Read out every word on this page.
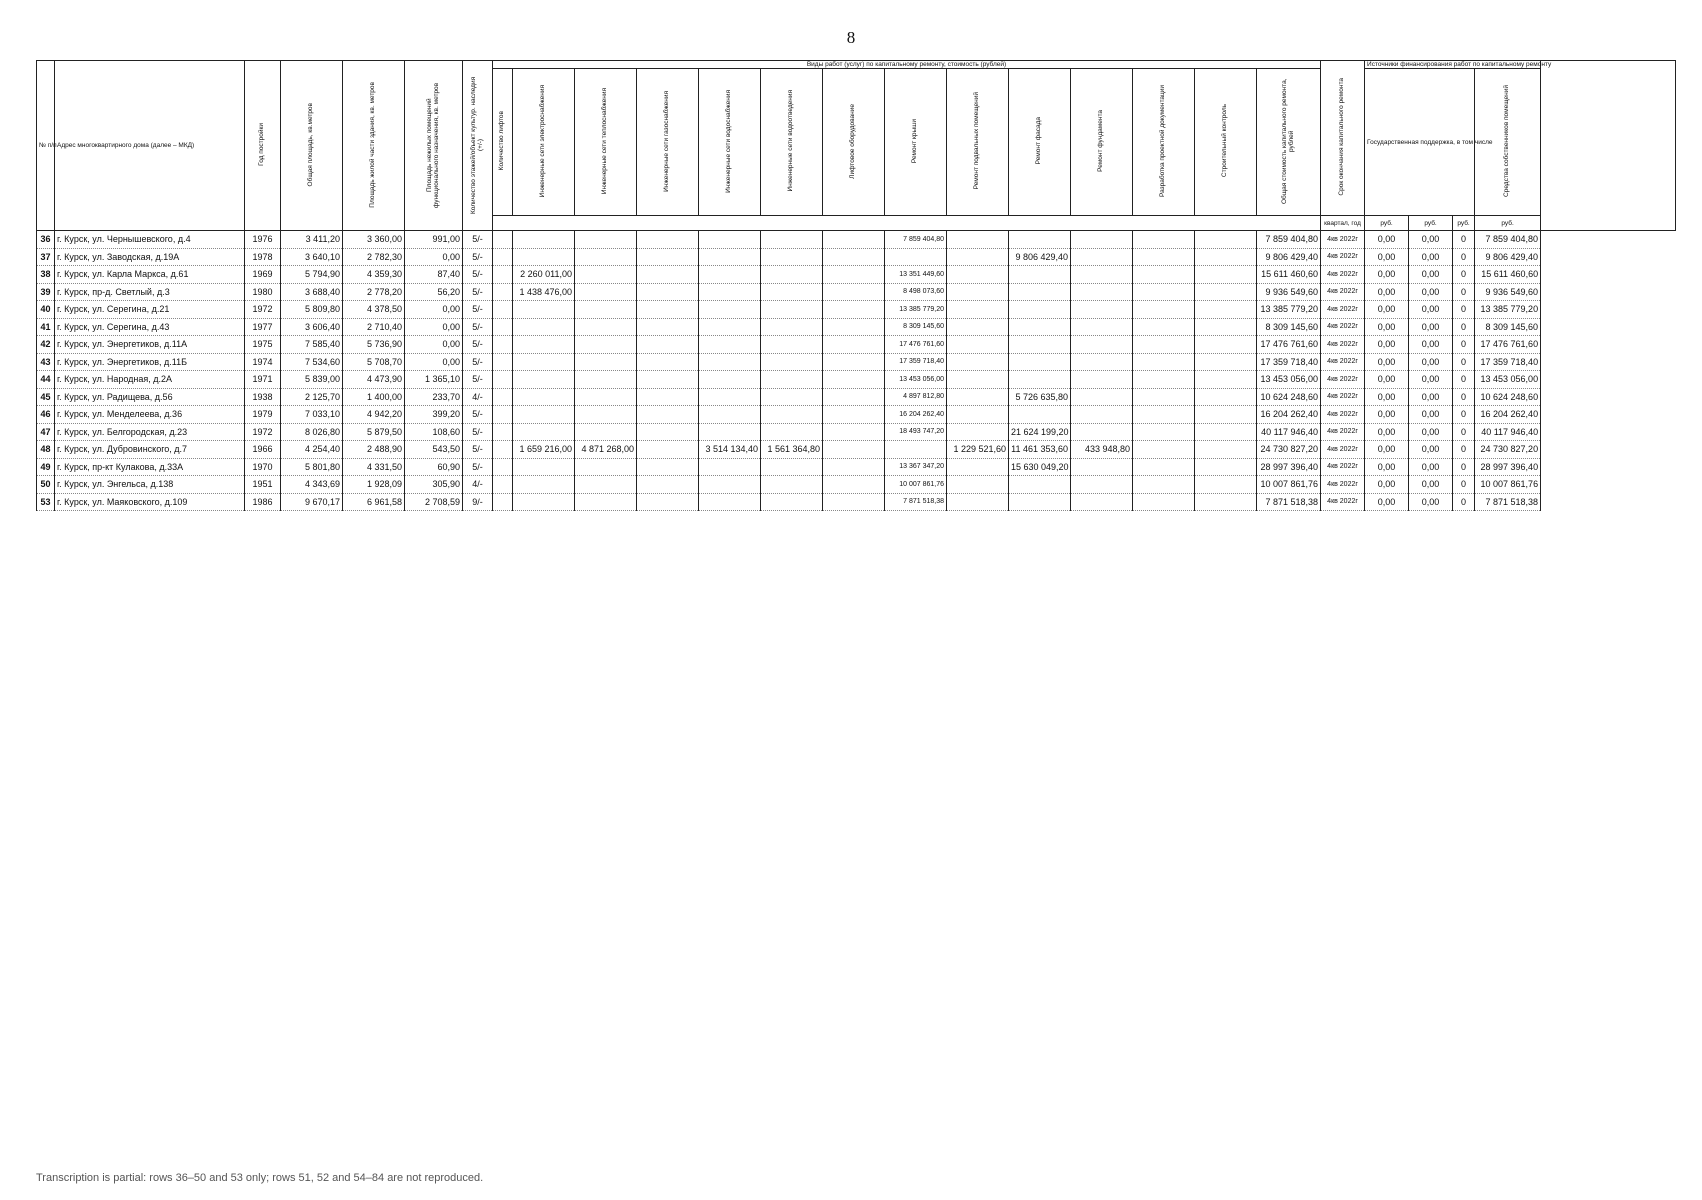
8
№ п/п	Адрес многоквартирного дома (далее – МКД)	Год постройки	Общая площадь, кв.метров	Площадь жилой части здания, кв. метров	Площадь нежилых помещений функционального назначения, кв. метров	Количество этажей/объект культур. наследия (+/-)	Виды работ (услуг) по капитальному ремонту, стоимость (рублей)														Срок окончания капитального ремонта	Источники финансирования работ по капитальному ремонту				
							Количество лифтов	Инженерные сети электроснабжения	Инженерные сети теплоснабжения	Инженерные сети газоснабжения	Инженерные сети водоснабжения	Инженерные сети водоотведения	Лифтовое оборудование	Ремонт крыши	Ремонт подвальных помещений	Ремонт фасада	Ремонт фундамента	Разработка проектной документации	Строительный контроль	Общая стоимость капитального ремонта, рублей		Государственная поддержка, в том числе			Средства собственников помещений	
																					квартал, год	руб.	руб.	руб.	руб.	
36	г. Курск, ул. Чернышевского, д.4	1976	3 411,20	3 360,00	991,00	5/-								7 859 404,80						7 859 404,80	4кв 2022г	0,00	0,00	0	7 859 404,80	
37	г. Курск, ул. Заводская, д.19А	1978	3 640,10	2 782,30	0,00	5/-										9 806 429,40				9 806 429,40	4кв 2022г	0,00	0,00	0	9 806 429,40	
38	г. Курск, ул. Карла Маркса, д.61	1969	5 794,90	4 359,30	87,40	5/-		2 260 011,00						13 351 449,60						15 611 460,60	4кв 2022г	0,00	0,00	0	15 611 460,60	
39	г. Курск, пр-д. Светлый, д.3	1980	3 688,40	2 778,20	56,20	5/-		1 438 476,00						8 498 073,60						9 936 549,60	4кв 2022г	0,00	0,00	0	9 936 549,60	
40	г. Курск, ул. Серегина, д.21	1972	5 809,80	4 378,50	0,00	5/-								13 385 779,20						13 385 779,20	4кв 2022г	0,00	0,00	0	13 385 779,20	
41	г. Курск, ул. Серегина, д.43	1977	3 606,40	2 710,40	0,00	5/-								8 309 145,60						8 309 145,60	4кв 2022г	0,00	0,00	0	8 309 145,60	
42	г. Курск, ул. Энергетиков, д.11А	1975	7 585,40	5 736,90	0,00	5/-								17 476 761,60						17 476 761,60	4кв 2022г	0,00	0,00	0	17 476 761,60	
43	г. Курск, ул. Энергетиков, д.11Б	1974	7 534,60	5 708,70	0,00	5/-								17 359 718,40						17 359 718,40	4кв 2022г	0,00	0,00	0	17 359 718,40	
44	г. Курск, ул. Народная, д.2А	1971	5 839,00	4 473,90	1 365,10	5/-								13 453 056,00						13 453 056,00	4кв 2022г	0,00	0,00	0	13 453 056,00	
45	г. Курск, ул. Радищева, д.56	1938	2 125,70	1 400,00	233,70	4/-								4 897 812,80		5 726 635,80				10 624 248,60	4кв 2022г	0,00	0,00	0	10 624 248,60	
46	г. Курск, ул. Менделеева, д.36	1979	7 033,10	4 942,20	399,20	5/-								16 204 262,40						16 204 262,40	4кв 2022г	0,00	0,00	0	16 204 262,40	
47	г. Курск, ул. Белгородская, д.23	1972	8 026,80	5 879,50	108,60	5/-								18 493 747,20		21 624 199,20				40 117 946,40	4кв 2022г	0,00	0,00	0	40 117 946,40	
48	г. Курск, ул. Дубровинского, д.7	1966	4 254,40	2 488,90	543,50	5/-		1 659 216,00	4 871 268,00		3 514 134,40	1 561 364,80			1 229 521,60	11 461 353,60	433 948,80			24 730 827,20	4кв 2022г	0,00	0,00	0	24 730 827,20	
49	г. Курск, пр-кт Кулакова, д.33А	1970	5 801,80	4 331,50	60,90	5/-								13 367 347,20		15 630 049,20				28 997 396,40	4кв 2022г	0,00	0,00	0	28 997 396,40	
50	г. Курск, ул. Энгельса, д.138	1951	4 343,69	1 928,09	305,90	4/-								10 007 861,76						10 007 861,76	4кв 2022г	0,00	0,00	0	10 007 861,76	
53	г. Курск, ул. Маяковского, д.109	1986	9 670,17	6 961,58	2 708,59	9/-								7 871 518,38						7 871 518,38	4кв 2022г	0,00	0,00	0	7 871 518,38	
Transcription is partial: rows 36–50 and 53 only; rows 51, 52 and 54–84 are not reproduced.
